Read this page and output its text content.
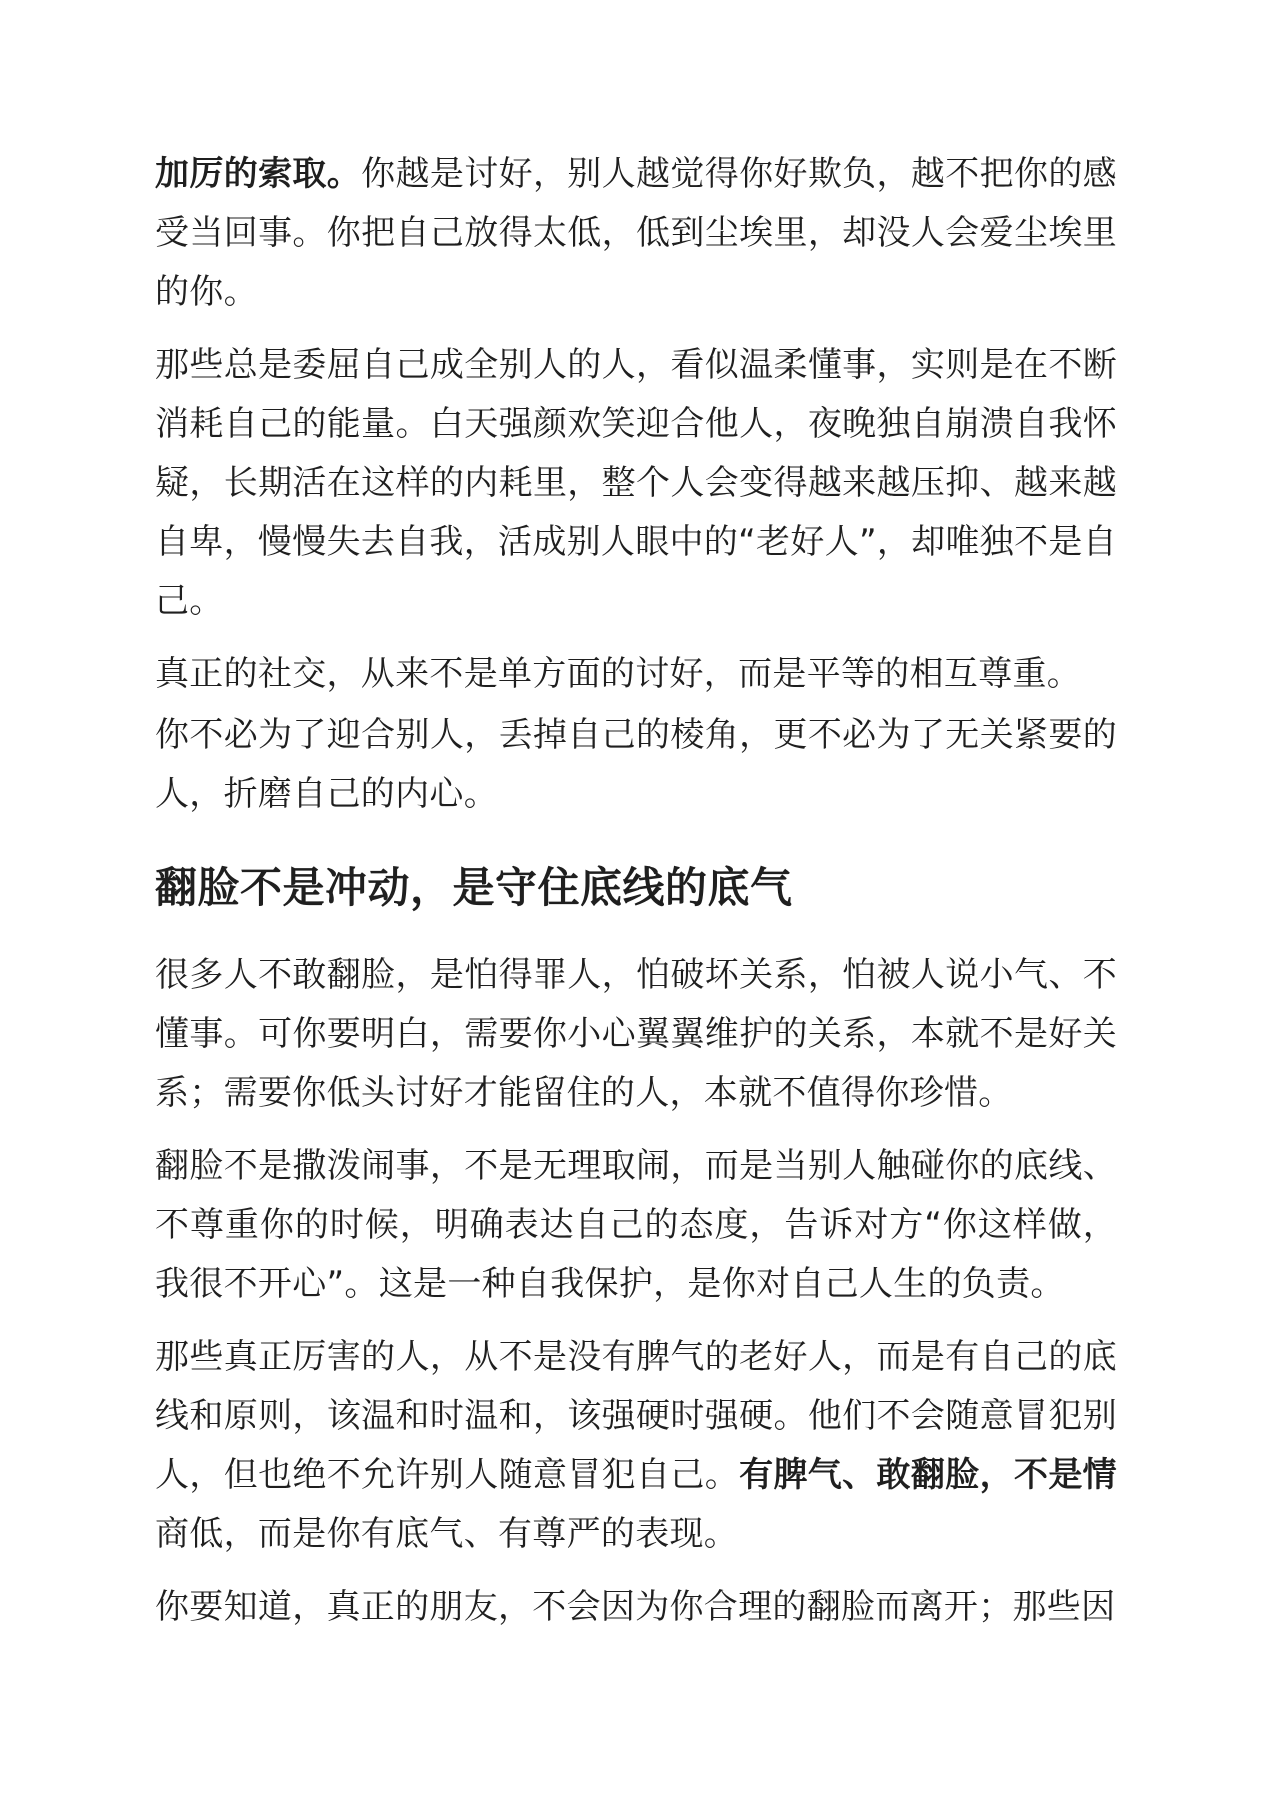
加厉的索取。你越是讨好，别人越觉得你好欺负，越不把你的感受当回事。你把自己放得太低，低到尘埃里，却没人会爱尘埃里的你。

那些总是委屈自己成全别人的人，看似温柔懂事，实则是在不断消耗自己的能量。白天强颜欢笑迎合他人，夜晚独自崩溃自我怀疑，长期活在这样的内耗里，整个人会变得越来越压抑、越来越自卑，慢慢失去自我，活成别人眼中的“老好人”，却唯独不是自己。

真正的社交，从来不是单方面的讨好，而是平等的相互尊重。

你不必为了迎合别人，丢掉自己的棱角，更不必为了无关紧要的人，折磨自己的内心。

翻脸不是冲动，是守住底线的底气

很多人不敢翻脸，是怕得罪人，怕破坏关系，怕被人说小气、不懂事。可你要明白，需要你小心翼翼维护的关系，本就不是好关系；需要你低头讨好才能留住的人，本就不值得你珍惜。

翻脸不是撒泼闹事，不是无理取闹，而是当别人触碰你的底线、不尊重你的时候，明确表达自己的态度，告诉对方“你这样做，我很不开心”。这是一种自我保护，是你对自己人生的负责。

那些真正厉害的人，从不是没有脾气的老好人，而是有自己的底线和原则，该温和时温和，该强硬时强硬。他们不会随意冒犯别人，但也绝不允许别人随意冒犯自己。有脾气、敢翻脸，不是情商低，而是你有底气、有尊严的表现。

你要知道，真正的朋友，不会因为你合理的翻脸而离开；那些因
